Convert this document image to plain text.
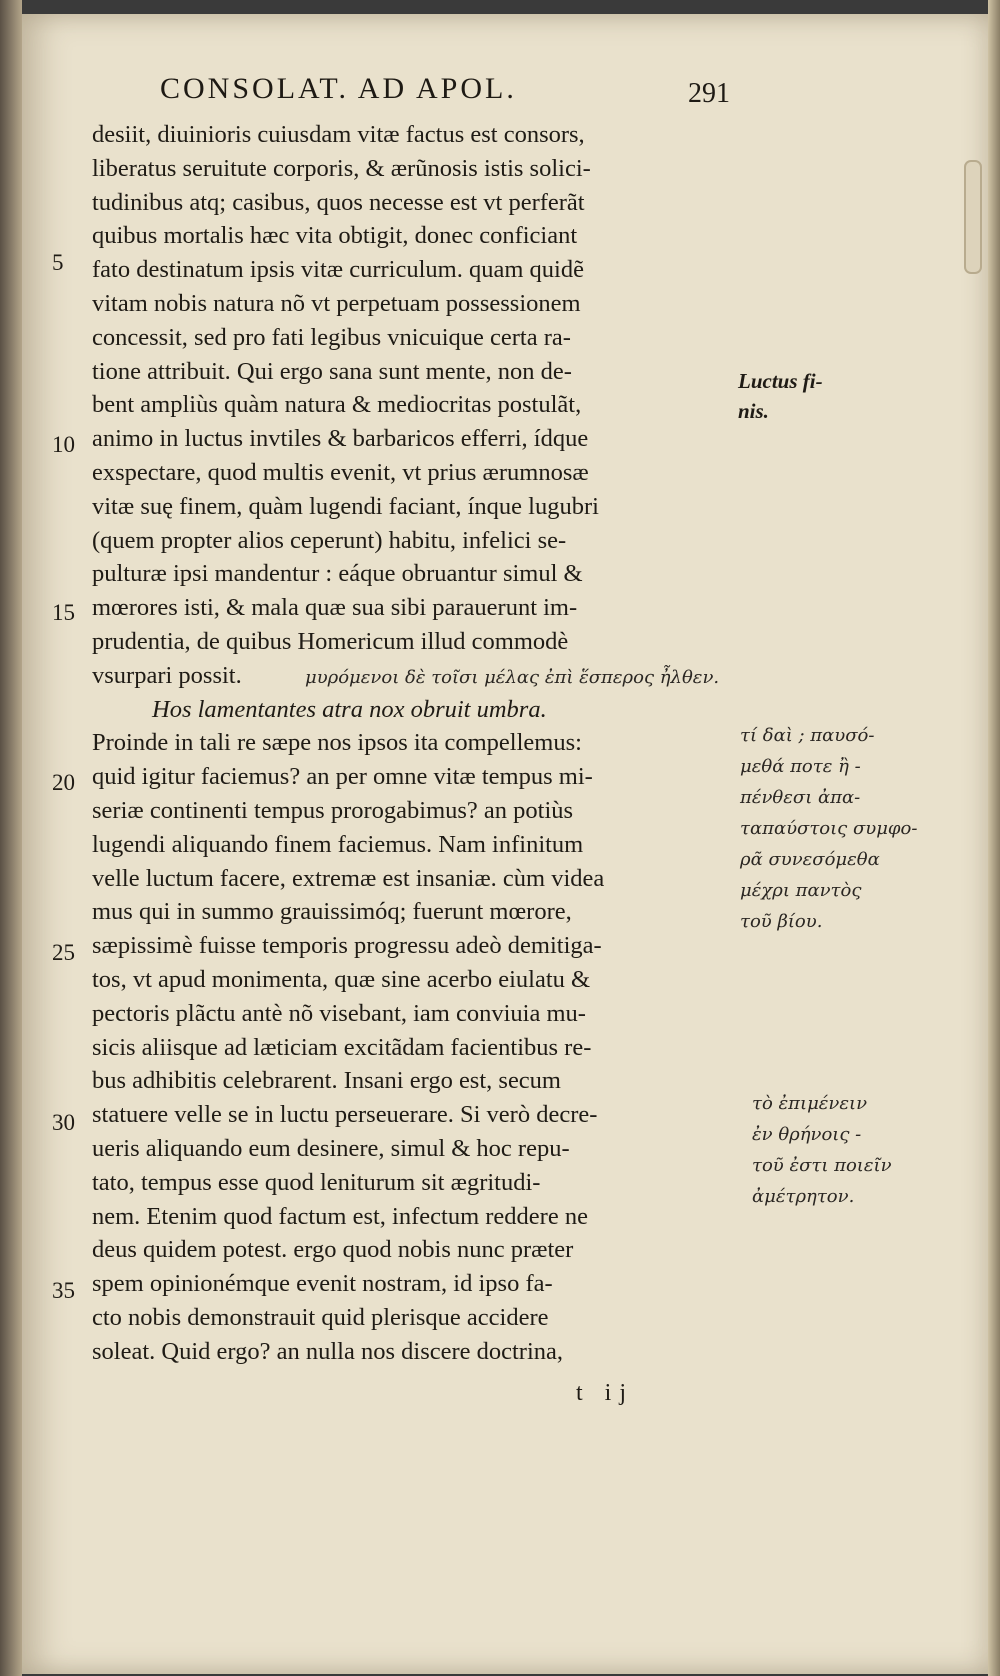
CONSOLAT. AD APOL.	291
desiit, diuinioris cuiusdam vitæ factus est consors,
liberatus seruitute corporis, & ærũnosis istis solici-
tudinibus atq; casibus, quos necesse est vt perferãt
quibus mortalis hæc vita obtigit, donec conficiant
fato destinatum ipsis vitæ curriculum. quam quidẽ
vitam nobis natura nõ vt perpetuam possessionem
concessit, sed pro fati legibus vnicuique certa ra-
tione attribuit. Qui ergo sana sunt mente, non de-
bent ampliùs quàm natura & mediocritas postulãt,
animo in luctus invtiles & barbaricos efferri, ídque
exspectare, quod multis evenit, vt prius ærumnosæ
vitæ suę finem, quàm lugendi faciant, ínque lugubri
(quem propter alios ceperunt) habitu, infelici se-
pulturæ ipsi mandentur : eáque obruantur simul &
mœrores isti, & mala quæ sua sibi parauerunt im-
prudentia, de quibus Homericum illud commodè
vsurpari possit.
Hos lamentantes atra nox obruit umbra.
Proinde in tali re sæpe nos ipsos ita compellemus:
quid igitur faciemus? an per omne vitæ tempus mi-
seriæ continenti tempus prorogabimus? an potiùs
lugendi aliquando finem faciemus. Nam infinitum
velle luctum facere, extremæ est insaniæ. cùm videa
mus qui in summo grauissimóq; fuerunt mœrore,
sæpissimè fuisse temporis progressu adeò demitiga-
tos, vt apud monimenta, quæ sine acerbo eiulatu &
pectoris plãctu antè nõ visebant, iam conviuia mu-
sicis aliisque ad læticiam excitãdam facientibus re-
bus adhibitis celebrarent. Insani ergo est, secum
statuere velle se in luctu perseuerare. Si verò decre-
ueris aliquando eum desinere, simul & hoc repu-
tato, tempus esse quod leniturum sit ægritudi-
nem. Etenim quod factum est, infectum reddere ne
deus quidem potest. ergo quod nobis nunc præter
spem opinionémque evenit nostram, id ipso fa-
cto nobis demonstrauit quid plerisque accidere
soleat. Quid ergo? an nulla nos discere doctrina,
5
10
15
20
25
30
35
Luctus fi-
nis.
μυρόμενοι δὲ τοῖσι μέλας ἐπὶ ἕσπερος ἦλθεν.
τί δαὶ ; παυσό-
μεθά ποτε ἢ -
πένθεσι ἀπα-
ταπαύστοις συμφο-
ρᾶ συνεσόμεθα
μέχρι παντὸς
τοῦ βίου.
τὸ ἐπιμένειν
ἐν θρήνοις -
τοῦ ἐστι ποιεῖν
ἀμέτρητον.
t ij
